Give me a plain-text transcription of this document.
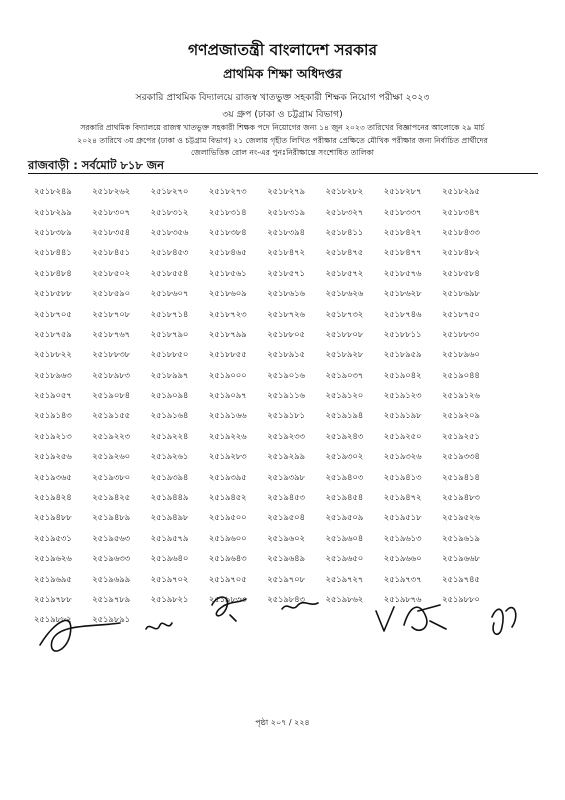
গণপ্রজাতন্ত্রী বাংলাদেশ সরকার
প্রাথমিক শিক্ষা অধিদপ্তর
সরকারি প্রাথমিক বিদ্যালয়ে রাজস্ব খাতভুক্ত সহকারী শিক্ষক নিয়োগ পরীক্ষা ২০২৩
৩য় গ্রুপ (ঢাকা ও চট্টগ্রাম বিভাগ)
সরকারি প্রাথমিক বিদ্যালয়ে রাজস্ব খাতভুক্ত সহকারী শিক্ষক পদে নিয়োগের জন্য ১৪ জুন ২০২৩ তারিখের বিজ্ঞাপনের আলোকে ২৯ মার্চ
২০২৪ তারিখে ৩য় গ্রুপের (ঢাকা ও চট্টগ্রাম বিভাগ) ২১ জেলায় গৃহীত লিখিত পরীক্ষার প্রেক্ষিতে মৌখিক পরীক্ষার জন্য নির্বাচিত প্রার্থীদের
জেলাভিত্তিক রোল নং-এর পুনঃনিরীক্ষান্তে সংশোধিত তালিকা
রাজবাড়ী : সর্বমোট ৮১৮ জন
২৫১৮২৪৯	২৫১৮২৬২	২৫১৮২৭০	২৫১৮২৭৩	২৫১৮২৭৯	২৫১৮২৮২	২৫১৮২৮৭	২৫১৮২৯৫
২৫১৮২৯৯	২৫১৮৩০৭	২৫১৮৩১২	২৫১৮৩১৪	২৫১৮৩১৯	২৫১৮৩২৭	২৫১৮৩৩৭	২৫১৮৩৪৭
২৫১৮৩৮৯	২৫১৮৩৫৪	২৫১৮৩৫৬	২৫১৮৩৮৪	২৫১৮৩৯৪	২৫১৮৪১১	২৫১৮৪২৭	২৫১৮৪৩৩
২৫১৮৪৪১	২৫১৮৪৫১	২৫১৮৪৫৩	২৫১৮৪৬৫	২৫১৮৪৭২	২৫১৮৪৭৫	২৫১৮৪৭৭	২৫১৮৪৮২
২৫১৮৪৮৪	২৫১৮৫০২	২৫১৮৫৫৪	২৫১৮৫৬১	২৫১৮৫৭১	২৫১৮৫৭২	২৫১৮৫৭৬	২৫১৮৫৮৪
২৫১৮৫৮৮	২৫১৮৫৯০	২৫১৮৬০৭	২৫১৮৬০৯	২৫১৮৬১৬	২৫১৮৬২৬	২৫১৮৬২৮	২৫১৮৬৯৮
২৫১৮৭০৫	২৫১৮৭০৮	২৫১৮৭১৪	২৫১৮৭২৩	২৫১৮৭২৬	২৫১৮৭৩২	২৫১৮৭৪৬	২৫১৮৭৫০
২৫১৮৭৫৯	২৫১৮৭৬৭	২৫১৮৭৯০	২৫১৮৭৯৯	২৫১৮৮০৫	২৫১৮৮০৮	২৫১৮৮১১	২৫১৮৮৩০
২৫১৮৮২২	২৫১৮৮৩৮	২৫১৮৮৫০	২৫১৮৮৫৫	২৫১৮৯১৫	২৫১৮৯২৮	২৫১৮৯৫৯	২৫১৮৯৬০
২৫১৮৯৬৩	২৫১৮৯৮৩	২৫১৮৯৯৭	২৫১৯০০০	২৫১৯০১৬	২৫১৯০৩৭	২৫১৯০৪২	২৫১৯০৪৪
২৫১৯০৫৭	২৫১৯০৮৪	২৫১৯০৯৪	২৫১৯০৯৭	২৫১৯১১৬	২৫১৯১২০	২৫১৯১২৩	২৫১৯১২৬
২৫১৯১৪৩	২৫১৯১৫৫	২৫১৯১৬৪	২৫১৯১৬৬	২৫১৯১৮১	২৫১৯১৯৪	২৫১৯১৯৮	২৫১৯২০৯
২৫১৯২১৩	২৫১৯২২৩	২৫১৯২২৪	২৫১৯২২৬	২৫১৯২৩৩	২৫১৯২৪৩	২৫১৯২৫০	২৫১৯২৫১
২৫১৯২৫৬	২৫১৯২৬০	২৫১৯২৬১	২৫১৯২৮৩	২৫১৯২৯৯	২৫১৯৩০২	২৫১৯৩২৬	২৫১৯৩৩৪
২৫১৯৩৬৫	২৫১৯৩৮০	২৫১৯৩৯৪	২৫১৯৩৯৫	২৫১৯৩৯৮	২৫১৯৪০৩	২৫১৯৪১৩	২৫১৯৪১৪
২৫১৯৪২৪	২৫১৯৪২৫	২৫১৯৪৪৯	২৫১৯৪৫২	২৫১৯৪৫৩	২৫১৯৪৫৪	২৫১৯৪৭২	২৫১৯৪৮৩
২৫১৯৪৮৮	২৫১৯৪৮৯	২৫১৯৪৯৮	২৫১৯৫০০	২৫১৯৫০৪	২৫১৯৫০৯	২৫১৯৫১৮	২৫১৯৫২৬
২৫১৯৫৩১	২৫১৯৫৬৩	২৫১৯৫৭৯	২৫১৯৬০০	২৫১৯৬০২	২৫১৯৬০৪	২৫১৯৬১৩	২৫১৯৬১৯
২৫১৯৬২৬	২৫১৯৬৩৩	২৫১৯৬৪০	২৫১৯৬৪৩	২৫১৯৬৪৯	২৫১৯৬৫০	২৫১৯৬৬০	২৫১৯৬৬৮
২৫১৯৬৯৫	২৫১৯৬৯৯	২৫১৯৭০২	২৫১৯৭০৫	২৫১৯৭০৮	২৫১৯৭২৭	২৫১৯৭৩৭	২৫১৯৭৪৫
২৫১৯৭৮৮	২৫১৯৭৮৯	২৫১৯৮২১	২৫১৯৮৩৩	২৫১৯৮৪৩	২৫১৯৮৬২	২৫১৯৮৭৬	২৫১৯৮৮০
২৫১৯৮৮২	২৫১৯৮৯১
পৃষ্ঠা ২০৭ / ২২৪
